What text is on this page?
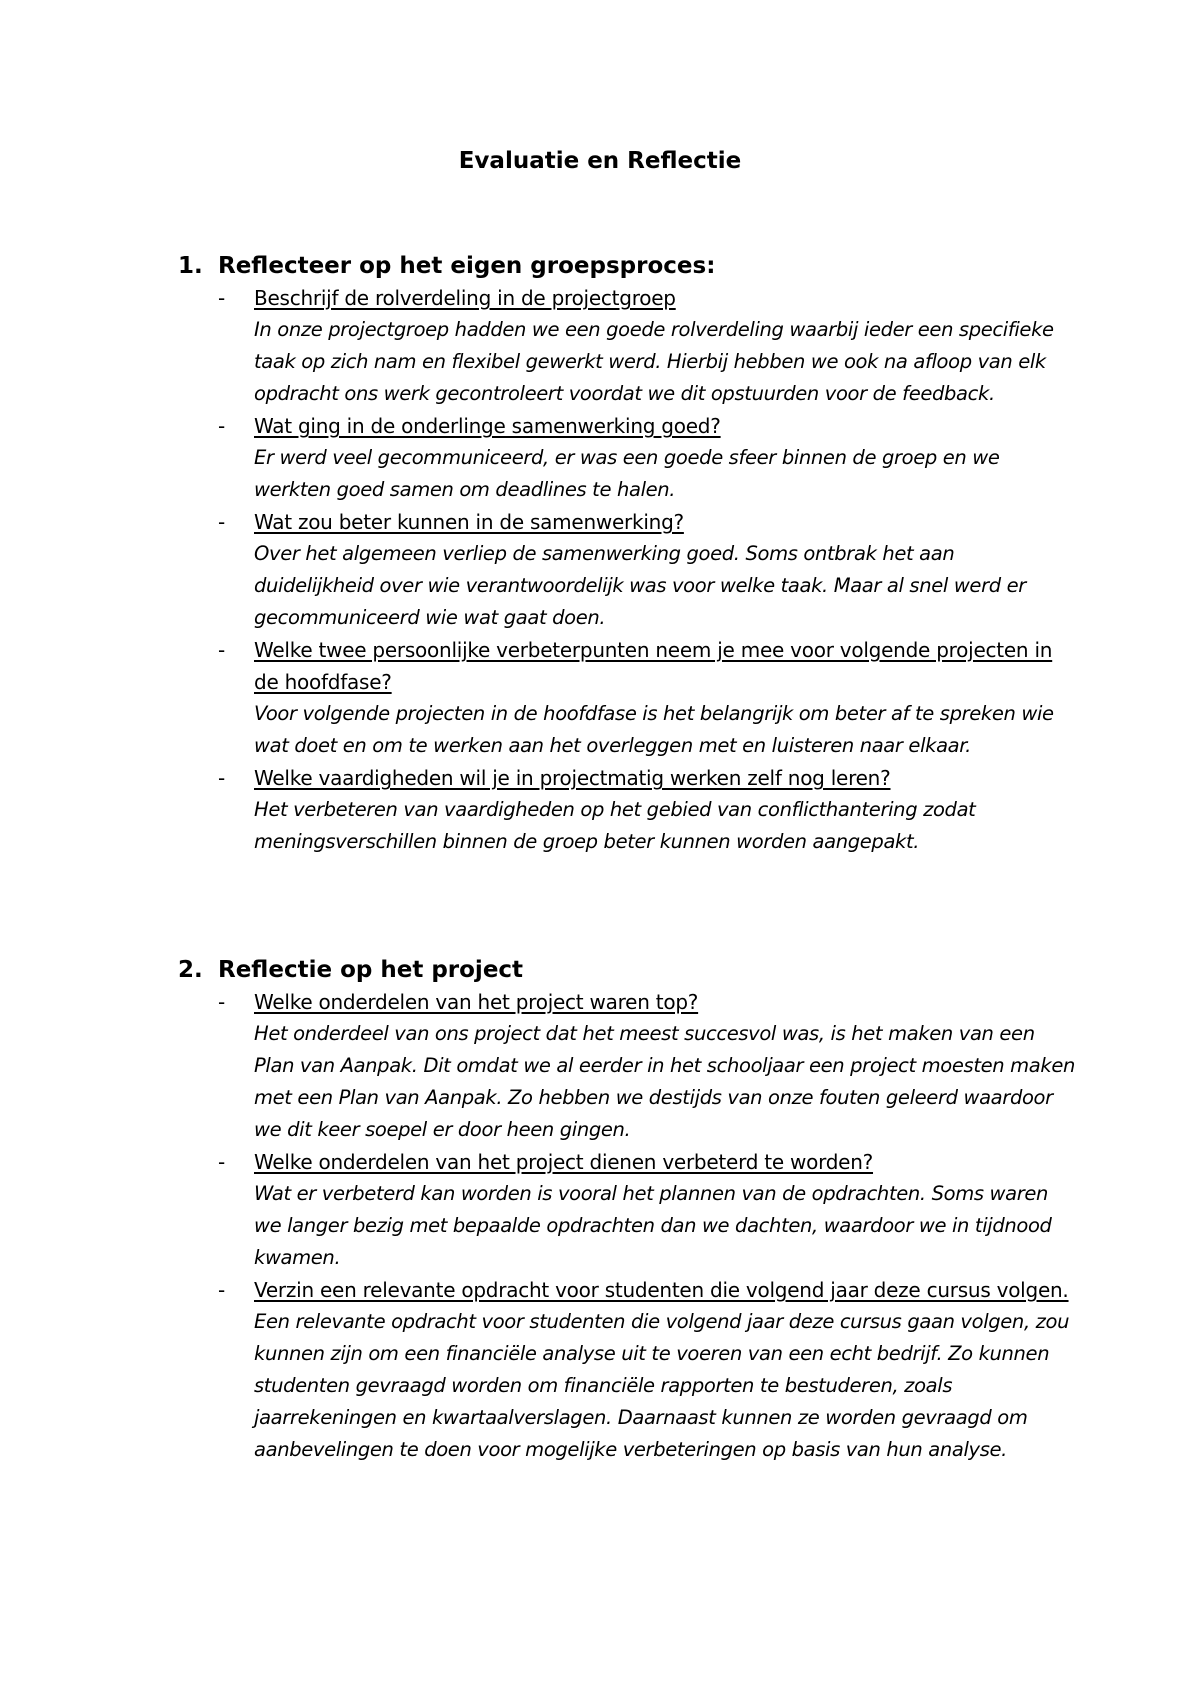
Evaluatie en Reflectie
1. Reflecteer op het eigen groepsproces:
- Beschrijf de rolverdeling in de projectgroep
In onze projectgroep hadden we een goede rolverdeling waarbij ieder een specifieke taak op zich nam en flexibel gewerkt werd. Hierbij hebben we ook na afloop van elk opdracht ons werk gecontroleert voordat we dit opstuurden voor de feedback.
- Wat ging in de onderlinge samenwerking goed?
Er werd veel gecommuniceerd, er was een goede sfeer binnen de groep en we werkten goed samen om deadlines te halen.
- Wat zou beter kunnen in de samenwerking?
Over het algemeen verliep de samenwerking goed. Soms ontbrak het aan duidelijkheid over wie verantwoordelijk was voor welke taak. Maar al snel werd er gecommuniceerd wie wat gaat doen.
- Welke twee persoonlijke verbeterpunten neem je mee voor volgende projecten in de hoofdfase?
Voor volgende projecten in de hoofdfase is het belangrijk om beter af te spreken wie wat doet en om te werken aan het overleggen met en luisteren naar elkaar.
- Welke vaardigheden wil je in projectmatig werken zelf nog leren?
Het verbeteren van vaardigheden op het gebied van conflicthantering zodat meningsverschillen binnen de groep beter kunnen worden aangepakt.
2. Reflectie op het project
- Welke onderdelen van het project waren top?
Het onderdeel van ons project dat het meest succesvol was, is het maken van een Plan van Aanpak. Dit omdat we al eerder in het schooljaar een project moesten maken met een Plan van Aanpak. Zo hebben we destijds van onze fouten geleerd waardoor we dit keer soepel er door heen gingen.
- Welke onderdelen van het project dienen verbeterd te worden?
Wat er verbeterd kan worden is vooral het plannen van de opdrachten. Soms waren we langer bezig met bepaalde opdrachten dan we dachten, waardoor we in tijdnood kwamen.
- Verzin een relevante opdracht voor studenten die volgend jaar deze cursus volgen.
Een relevante opdracht voor studenten die volgend jaar deze cursus gaan volgen, zou kunnen zijn om een financiële analyse uit te voeren van een echt bedrijf. Zo kunnen studenten gevraagd worden om financiële rapporten te bestuderen, zoals jaarrekeningen en kwartaalverslagen. Daarnaast kunnen ze worden gevraagd om aanbevelingen te doen voor mogelijke verbeteringen op basis van hun analyse.
